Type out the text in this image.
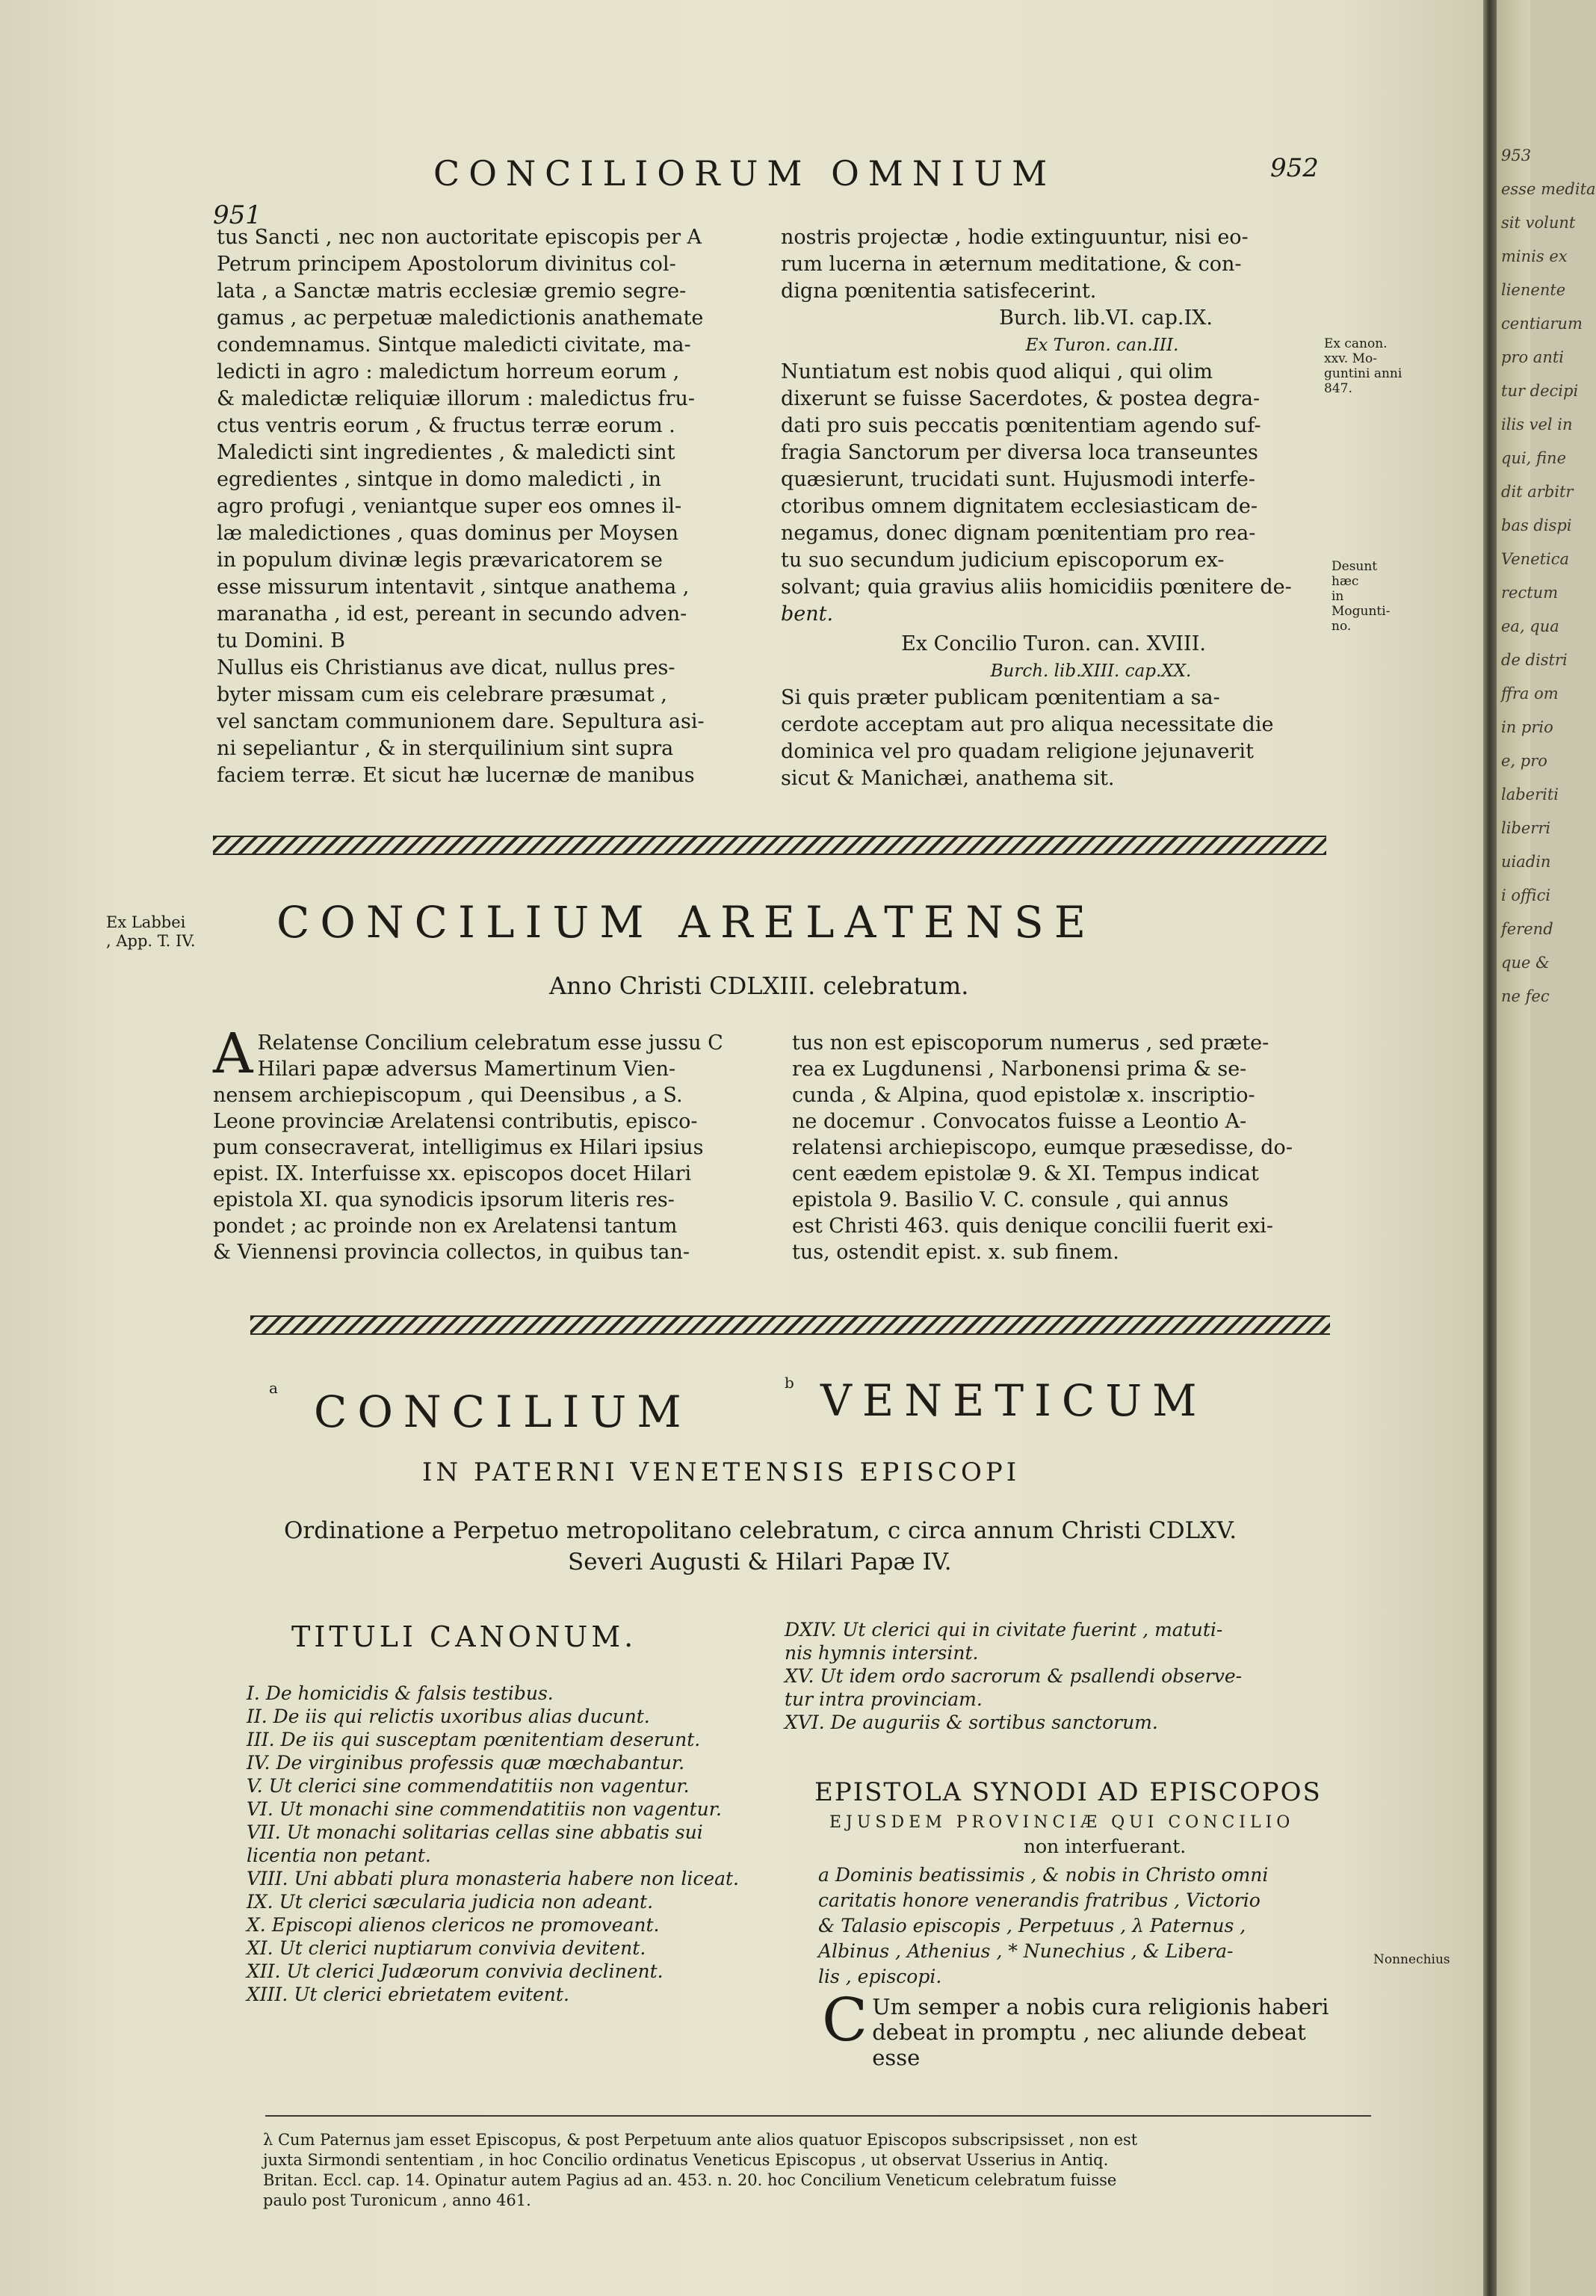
951
CONCILIORUM OMNIUM	952
tus Sancti , nec non auctoritate episcopis per A
Petrum principem Apostolorum divinitus col-
lata , a Sanctæ matris ecclesiæ gremio segre-
gamus , ac perpetuæ maledictionis anathemate
condemnamus. Sintque maledicti civitate, ma-
ledicti in agro : maledictum horreum eorum ,
& maledictæ reliquiæ illorum : maledictus fru-
ctus ventris eorum , & fructus terræ eorum .
Maledicti sint ingredientes , & maledicti sint
egredientes , sintque in domo maledicti , in
agro profugi , veniantque super eos omnes il-
læ maledictiones , quas dominus per Moysen
in populum divinæ legis prævaricatorem se
esse missurum intentavit , sintque anathema ,
maranatha , id est, pereant in secundo adven-
tu Domini. B
Nullus eis Christianus ave dicat, nullus pres-
byter missam cum eis celebrare præsumat ,
vel sanctam communionem dare. Sepultura asi-
ni sepeliantur , & in sterquilinium sint supra
faciem terræ. Et sicut hæ lucernæ de manibus
nostris projectæ , hodie extinguuntur, nisi eo-
rum lucerna in æternum meditatione, & con-
digna pœnitentia satisfecerint.

Burch. lib.VI. cap.IX.

Ex Turon. can.III.

Nuntiatum est nobis quod aliqui , qui olim
dixerunt se fuisse Sacerdotes, & postea degra-
dati pro suis peccatis pœnitentiam agendo suf-
fragia Sanctorum per diversa loca transeuntes
quæsierunt, trucidati sunt. Hujusmodi interfe-
ctoribus omnem dignitatem ecclesiasticam de-
negamus, donec dignam pœnitentiam pro rea-
tu suo secundum judicium episcoporum ex-
solvant; quia gravius aliis homicidiis pœnitere de-
bent.

Ex Concilio Turon. can. XVIII.

Burch. lib.XIII. cap.XX.

Si quis præter publicam pœnitentiam a sa-
cerdote acceptam aut pro aliqua necessitate die
dominica vel pro quadam religione jejunaverit
sicut & Manichæi, anathema sit.
Ex canon.
xxv. Mo-
guntini anni
847.
Desunt hæc
in Mogunti-
no.
Ex Labbei
, App. T. IV.
Nonnechius
CONCILIUM ARELATENSE
Anno Christi CDLXIII. celebratum.
A Relatense Concilium celebratum esse jussu C
Hilari papæ adversus Mamertinum Vien-
nensem archiepiscopum , qui Deensibus , a S.
Leone provinciæ Arelatensi contributis, episco-
pum consecraverat, intelligimus ex Hilari ipsius
epist. IX. Interfuisse xx. episcopos docet Hilari
epistola XI. qua synodicis ipsorum literis res-
pondet ; ac proinde non ex Arelatensi tantum
& Viennensi provincia collectos, in quibus tan-
tus non est episcoporum numerus , sed præte-
rea ex Lugdunensi , Narbonensi prima & se-
cunda , & Alpina, quod epistolæ x. inscriptio-
ne docemur . Convocatos fuisse a Leontio A-
relatensi archiepiscopo, eumque præsedisse, do-
cent eædem epistolæ 9. & XI. Tempus indicat
epistola 9. Basilio V. C. consule , qui annus
est Christi 463. quis denique concilii fuerit exi-
tus, ostendit epist. x. sub finem.
a CONCILIUM
b VENETICUM
IN PATERNI VENETENSIS EPISCOPI
Ordinatione a Perpetuo metropolitano celebratum, c circa annum Christi CDLXV.
Severi Augusti & Hilari Papæ IV.
TITULI CANONUM.
I. De homicidis & falsis testibus.
II. De iis qui relictis uxoribus alias ducunt.
III. De iis qui susceptam pœnitentiam deserunt.
IV. De virginibus professis quæ mœchabantur.
V. Ut clerici sine commendatitiis non vagentur.
VI. Ut monachi sine commendatitiis non vagentur.
VII. Ut monachi solitarias cellas sine abbatis sui
licentia non petant.
VIII. Uni abbati plura monasteria habere non liceat.
IX. Ut clerici sæcularia judicia non adeant.
X. Episcopi alienos clericos ne promoveant.
XI. Ut clerici nuptiarum convivia devitent.
XII. Ut clerici Judæorum convivia declinent.
XIII. Ut clerici ebrietatem evitent.
DXIV. Ut clerici qui in civitate fuerint , matuti-
nis hymnis intersint.
XV. Ut idem ordo sacrorum & psallendi observe-
tur intra provinciam.
XVI. De auguriis & sortibus sanctorum.
EPISTOLA SYNODI AD EPISCOPOS
EJUSDEM PROVINCIÆ QUI CONCILIO
non interfuerant.
a Dominis beatissimis , & nobis in Christo omni
caritatis honore venerandis fratribus , Victorio
& Talasio episcopis , Perpetuus , λ Paternus ,
Albinus , Athenius , * Nunechius , & Libera-
lis , episcopi.
C Um semper a nobis cura religionis haberi
debeat in promptu , nec aliunde debeat
esse
λ Cum Paternus jam esset Episcopus, & post Perpetuum ante alios quatuor Episcopos subscripsisset , non est
juxta Sirmondi sententiam , in hoc Concilio ordinatus Veneticus Episcopus , ut observat Usserius in Antiq.
Britan. Eccl. cap. 14. Opinatur autem Pagius ad an. 453. n. 20. hoc Concilium Veneticum celebratum fuisse
paulo post Turonicum , anno 461.
953
esse medita
sit volunt
minis ex
lienente
centiarum
pro anti
tur decipi
ilis vel in
qui, fine
dit arbitr
bas dispi
Venetica
rectum
ea, qua
de distri
ffra om
in prio
e, pro
laberiti
liberri
uiadin
i offici
ferend
que &
ne fec
